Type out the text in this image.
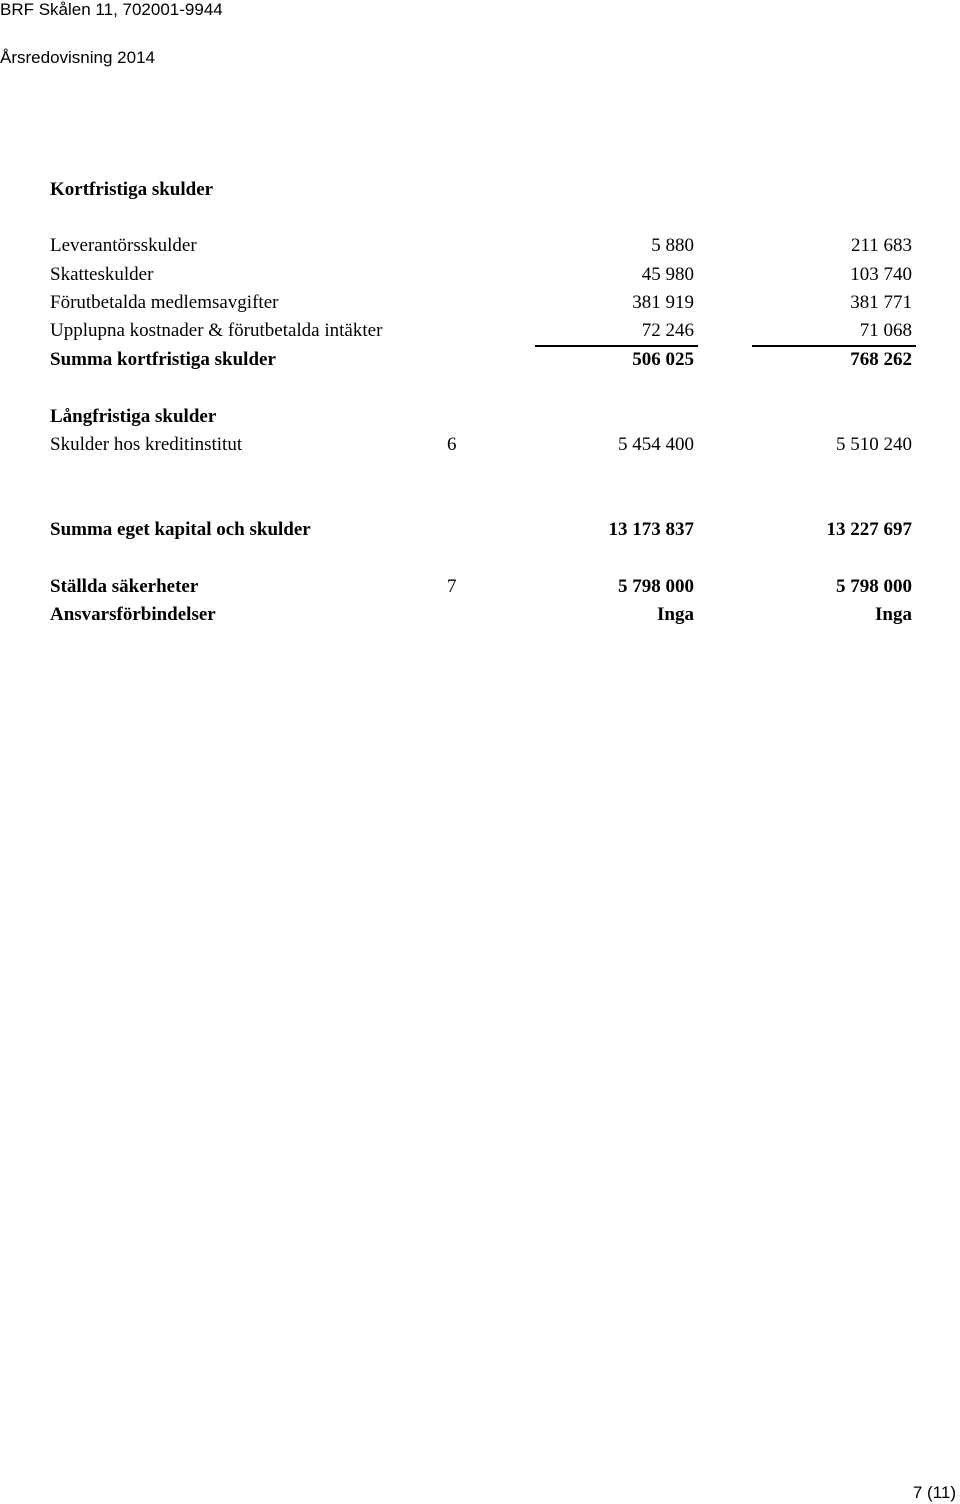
BRF Skålen 11, 702001-9944
Årsredovisning 2014
Kortfristiga skulder
Leverantörsskulder	5 880	211 683
Skatteskulder	45 980	103 740
Förutbetalda medlemsavgifter	381 919	381 771
Upplupna kostnader & förutbetalda intäkter	72 246	71 068
Summa kortfristiga skulder	506 025	768 262
Långfristiga skulder
Skulder hos kreditinstitut	6	5 454 400	5 510 240
Summa eget kapital och skulder	13 173 837	13 227 697
Ställda säkerheter	7	5 798 000	5 798 000
Ansvarsförbindelser	Inga	Inga
7 (11)
